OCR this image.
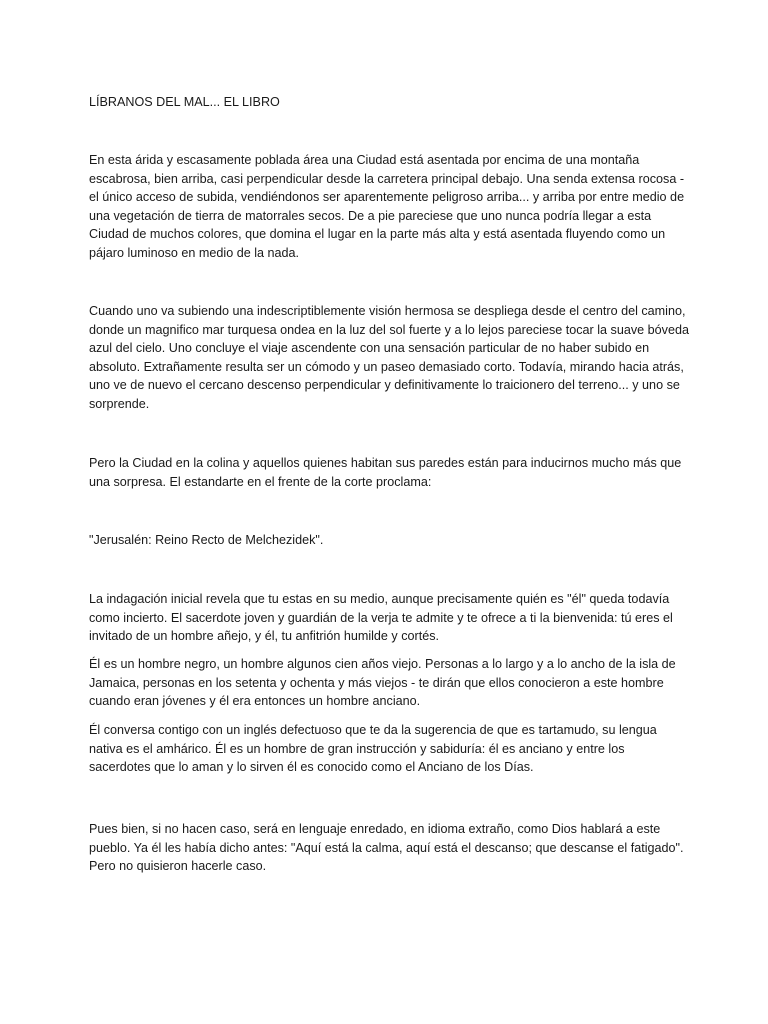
LÍBRANOS DEL MAL... EL LIBRO

En esta árida y escasamente poblada área una Ciudad está asentada por encima de una montaña escabrosa, bien arriba, casi perpendicular desde la carretera principal debajo. Una senda extensa rocosa - el único acceso de subida, vendiéndonos ser aparentemente peligroso arriba... y arriba por entre medio de una vegetación de tierra de matorrales secos. De a pie pareciese que uno nunca podría llegar a esta Ciudad de muchos colores, que domina el lugar en la parte más alta y está asentada fluyendo como un pájaro luminoso en medio de la nada.

Cuando uno va subiendo una indescriptiblemente visión hermosa se despliega desde el centro del camino, donde un magnifico mar turquesa ondea en la luz del sol fuerte y a lo lejos pareciese tocar la suave bóveda azul del cielo. Uno concluye el viaje ascendente con una sensación particular de no haber subido en absoluto. Extrañamente resulta ser un cómodo y un paseo demasiado corto. Todavía, mirando hacia atrás, uno ve de nuevo el cercano descenso perpendicular y definitivamente lo traicionero del terreno... y uno se sorprende.

Pero la Ciudad en la colina y aquellos quienes habitan sus paredes están para inducirnos mucho más que una sorpresa. El estandarte en el frente de la corte proclama:

"Jerusalén: Reino Recto de Melchezidek".

La indagación inicial revela que tu estas en su medio, aunque precisamente quién es "él" queda todavía como incierto. El sacerdote joven y guardián de la verja te admite y te ofrece a ti la bienvenida: tú eres el invitado de un hombre añejo, y él, tu anfitrión humilde y cortés.

Él es un hombre negro, un hombre algunos cien años viejo. Personas a lo largo y a lo ancho de la isla de Jamaica, personas en los setenta y ochenta y más viejos - te dirán que ellos conocieron a este hombre cuando eran jóvenes y él era entonces un hombre anciano.

Él conversa contigo con un inglés defectuoso que te da la sugerencia de que es tartamudo, su lengua nativa es el amhárico. Él es un hombre de gran instrucción y sabiduría: él es anciano y entre los sacerdotes que lo aman y lo sirven él es conocido como el Anciano de los Días.

Pues bien, si no hacen caso, será en lenguaje enredado, en idioma extraño, como Dios hablará a este pueblo. Ya él les había dicho antes: "Aquí está la calma, aquí está el descanso; que descanse el fatigado". Pero no quisieron hacerle caso.
